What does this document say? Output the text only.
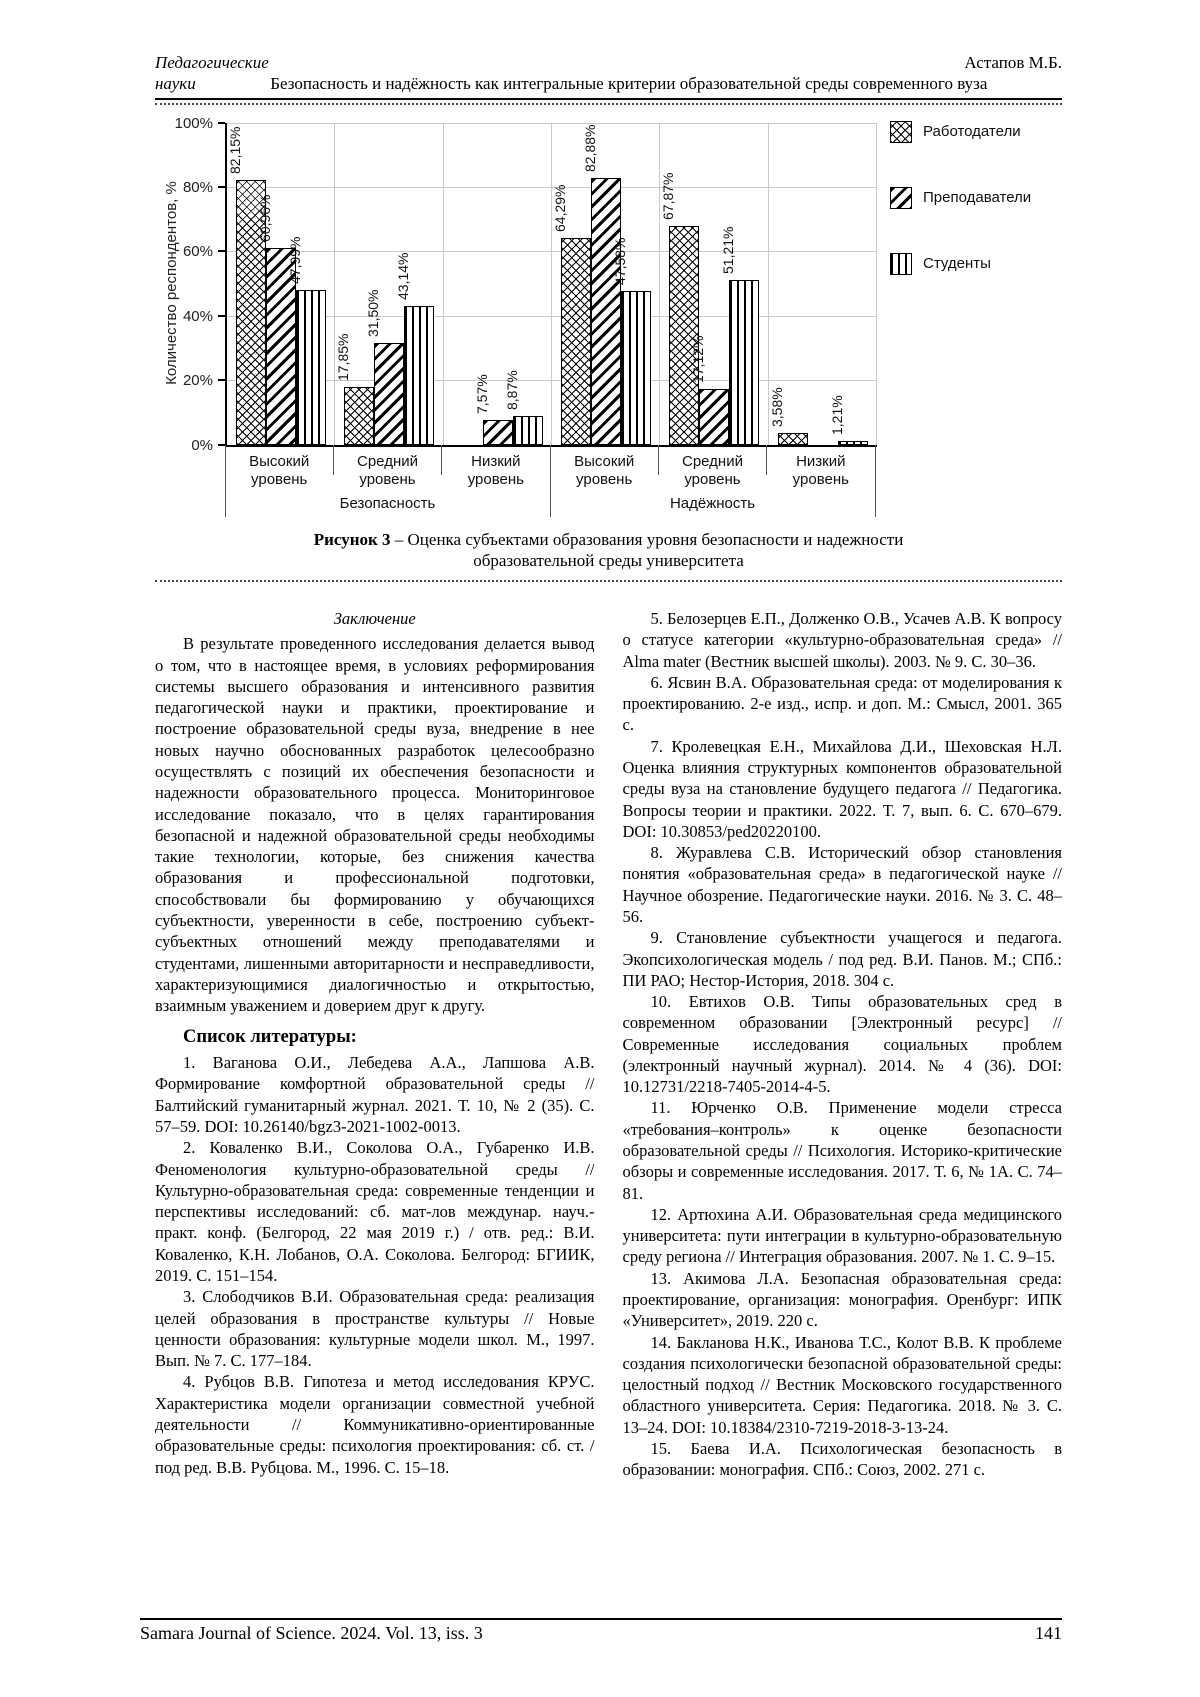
Педагогические	Астапов М.Б.
науки	Безопасность и надёжность как интегральные критерии образовательной среды современного вуза
Количество респондентов, %
0%
20%
40%
60%
80%
100%
82,15%
60,96%
47,99%
17,85%
31,50%
43,14%
7,57% 8,87%
64,29%
82,88%
47,58%
67,87%
17,12%
51,21%
3,58%	1,21%
Высокий уровень
Средний уровень
Низкий уровень
Высокий уровень
Средний уровень
Низкий уровень
Безопасность	Надёжность
Работодатели
Преподаватели
Студенты
Рисунок 3 – Оценка субъектами образования уровня безопасности и надежности образовательной среды университета
Заключение
В результате проведенного исследования делается вывод о том, что в настоящее время, в условиях реформирования системы высшего образования и интенсивного развития педагогической науки и практики, проектирование и построение образовательной среды вуза, внедрение в нее новых научно обоснованных разработок целесообразно осуществлять с позиций их обеспечения безопасности и надежности образовательного процесса. Мониторинговое исследование показало, что в целях гарантирования безопасной и надежной образовательной среды необходимы такие технологии, которые, без снижения качества образования и профессиональной подготовки, способствовали бы формированию у обучающихся субъектности, уверенности в себе, построению субъект-субъектных отношений между преподавателями и студентами, лишенными авторитарности и несправедливости, характеризующимися диалогичностью и открытостью, взаимным уважением и доверием друг к другу.
Список литературы:
1. Ваганова О.И., Лебедева А.А., Лапшова А.В. Формирование комфортной образовательной среды // Балтийский гуманитарный журнал. 2021. Т. 10, № 2 (35). С. 57–59. DOI: 10.26140/bgz3-2021-1002-0013.
2. Коваленко В.И., Соколова О.А., Губаренко И.В. Феноменология культурно-образовательной среды // Культурно-образовательная среда: современные тенденции и перспективы исследований: сб. мат-лов междунар. науч.-практ. конф. (Белгород, 22 мая 2019 г.) / отв. ред.: В.И. Коваленко, К.Н. Лобанов, О.А. Соколова. Белгород: БГИИК, 2019. С. 151–154.
3. Слободчиков В.И. Образовательная среда: реализация целей образования в пространстве культуры // Новые ценности образования: культурные модели школ. М., 1997. Вып. № 7. С. 177–184.
4. Рубцов В.В. Гипотеза и метод исследования КРУС. Характеристика модели организации совместной учебной деятельности // Коммуникативно-ориентированные образовательные среды: психология проектирования: сб. ст. / под ред. В.В. Рубцова. М., 1996. С. 15–18.
5. Белозерцев Е.П., Долженко О.В., Усачев А.В. К вопросу о статусе категории «культурно-образовательная среда» // Alma mater (Вестник высшей школы). 2003. № 9. С. 30–36.
6. Ясвин В.А. Образовательная среда: от моделирования к проектированию. 2-е изд., испр. и доп. М.: Смысл, 2001. 365 с.
7. Кролевецкая Е.Н., Михайлова Д.И., Шеховская Н.Л. Оценка влияния структурных компонентов образовательной среды вуза на становление будущего педагога // Педагогика. Вопросы теории и практики. 2022. Т. 7, вып. 6. С. 670–679. DOI: 10.30853/ped20220100.
8. Журавлева С.В. Исторический обзор становления понятия «образовательная среда» в педагогической науке // Научное обозрение. Педагогические науки. 2016. № 3. С. 48–56.
9. Становление субъектности учащегося и педагога. Экопсихологическая модель / под ред. В.И. Панов. М.; СПб.: ПИ РАО; Нестор-История, 2018. 304 с.
10. Евтихов О.В. Типы образовательных сред в современном образовании [Электронный ресурс] // Современные исследования социальных проблем (электронный научный журнал). 2014. № 4 (36). DOI: 10.12731/2218-7405-2014-4-5.
11. Юрченко О.В. Применение модели стресса «требования–контроль» к оценке безопасности образовательной среды // Психология. Историко-критические обзоры и современные исследования. 2017. Т. 6, № 1А. С. 74–81.
12. Артюхина А.И. Образовательная среда медицинского университета: пути интеграции в культурно-образовательную среду региона // Интеграция образования. 2007. № 1. С. 9–15.
13. Акимова Л.А. Безопасная образовательная среда: проектирование, организация: монография. Оренбург: ИПК «Университет», 2019. 220 с.
14. Бакланова Н.К., Иванова Т.С., Колот В.В. К проблеме создания психологически безопасной образовательной среды: целостный подход // Вестник Московского государственного областного университета. Серия: Педагогика. 2018. № 3. С. 13–24. DOI: 10.18384/2310-7219-2018-3-13-24.
15. Баева И.А. Психологическая безопасность в образовании: монография. СПб.: Союз, 2002. 271 с.
Samara Journal of Science. 2024. Vol. 13, iss. 3	141
